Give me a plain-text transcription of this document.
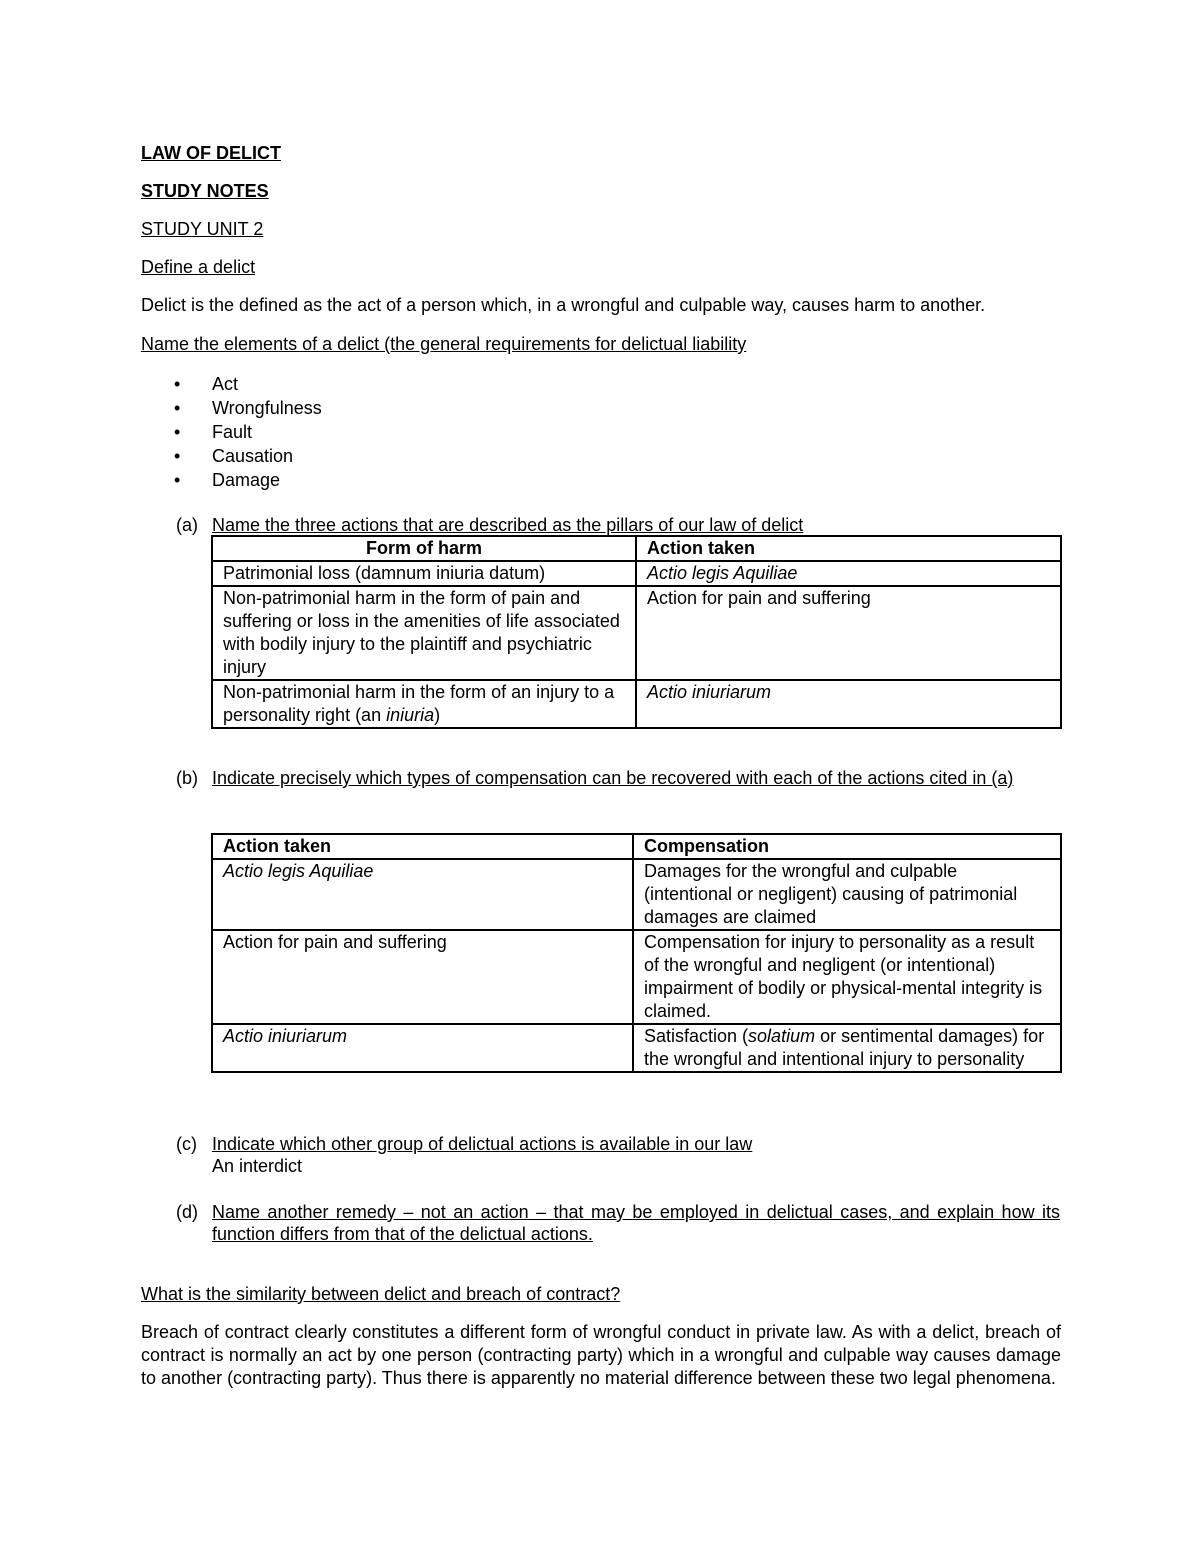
LAW OF DELICT
STUDY NOTES
STUDY UNIT 2
Define a delict
Delict is the defined as the act of a person which, in a wrongful and culpable way, causes harm to another.
Name the elements of a delict (the general requirements for delictual liability
• Act
• Wrongfulness
• Fault
• Causation
• Damage
(a) Name the three actions that are described as the pillars of our law of delict
Form of harm	Action taken
Patrimonial loss (damnum iniuria datum)	Actio legis Aquiliae
Non-patrimonial harm in the form of pain and suffering or loss in the amenities of life associated with bodily injury to the plaintiff and psychiatric injury	Action for pain and suffering
Non-patrimonial harm in the form of an injury to a personality right (an iniuria)	Actio iniuriarum
(b) Indicate precisely which types of compensation can be recovered with each of the actions cited in (a)
Action taken	Compensation
Actio legis Aquiliae	Damages for the wrongful and culpable (intentional or negligent) causing of patrimonial damages are claimed
Action for pain and suffering	Compensation for injury to personality as a result of the wrongful and negligent (or intentional) impairment of bodily or physical-mental integrity is claimed.
Actio iniuriarum	Satisfaction (solatium or sentimental damages) for the wrongful and intentional injury to personality
(c) Indicate which other group of delictual actions is available in our law
An interdict
(d) Name another remedy – not an action – that may be employed in delictual cases, and explain how its function differs from that of the delictual actions.
What is the similarity between delict and breach of contract?
Breach of contract clearly constitutes a different form of wrongful conduct in private law. As with a delict, breach of contract is normally an act by one person (contracting party) which in a wrongful and culpable way causes damage to another (contracting party). Thus there is apparently no material difference between these two legal phenomena.
